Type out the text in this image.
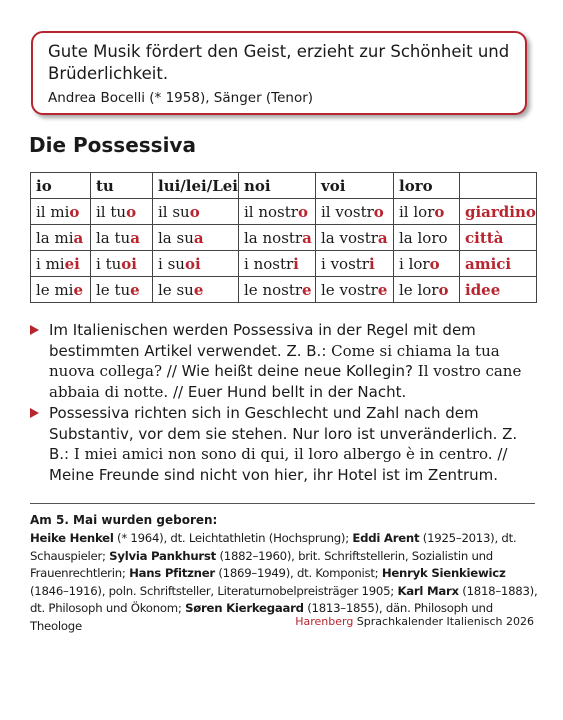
Gute Musik fördert den Geist, erzieht zur Schönheit und Brüderlichkeit.
Andrea Bocelli (* 1958), Sänger (Tenor)
Die Possessiva
io	tu	lui/lei/Lei	noi	voi	loro	
il mio	il tuo	il suo	il nostro	il vostro	il loro	giardino
la mia	la tua	la sua	la nostra	la vostra	la loro	città
i miei	i tuoi	i suoi	i nostri	i vostri	i loro	amici
le mie	le tue	le sue	le nostre	le vostre	le loro	idee
Im Italienischen werden Possessiva in der Regel mit dem bestimmten Artikel verwendet. Z. B.: Come si chiama la tua nuova collega? // Wie heißt deine neue Kollegin? Il vostro cane abbaia di notte. // Euer Hund bellt in der Nacht.
Possessiva richten sich in Geschlecht und Zahl nach dem Substantiv, vor dem sie stehen. Nur loro ist unveränderlich. Z. B.: I miei amici non sono di qui, il loro albergo è in centro. // Meine Freunde sind nicht von hier, ihr Hotel ist im Zentrum.
Am 5. Mai wurden geboren:
Heike Henkel (* 1964), dt. Leichtathletin (Hochsprung); Eddi Arent (1925–2013), dt. Schauspieler; Sylvia Pankhurst (1882–1960), brit. Schriftstellerin, Sozialistin und Frauenrechtlerin; Hans Pfitzner (1869–1949), dt. Komponist; Henryk Sienkiewicz (1846–1916), poln. Schriftsteller, Literaturnobelpreisträger 1905; Karl Marx (1818–1883), dt. Philosoph und Ökonom; Søren Kierkegaard (1813–1855), dän. Philosoph und Theologe	Harenberg Sprachkalender Italienisch 2026
